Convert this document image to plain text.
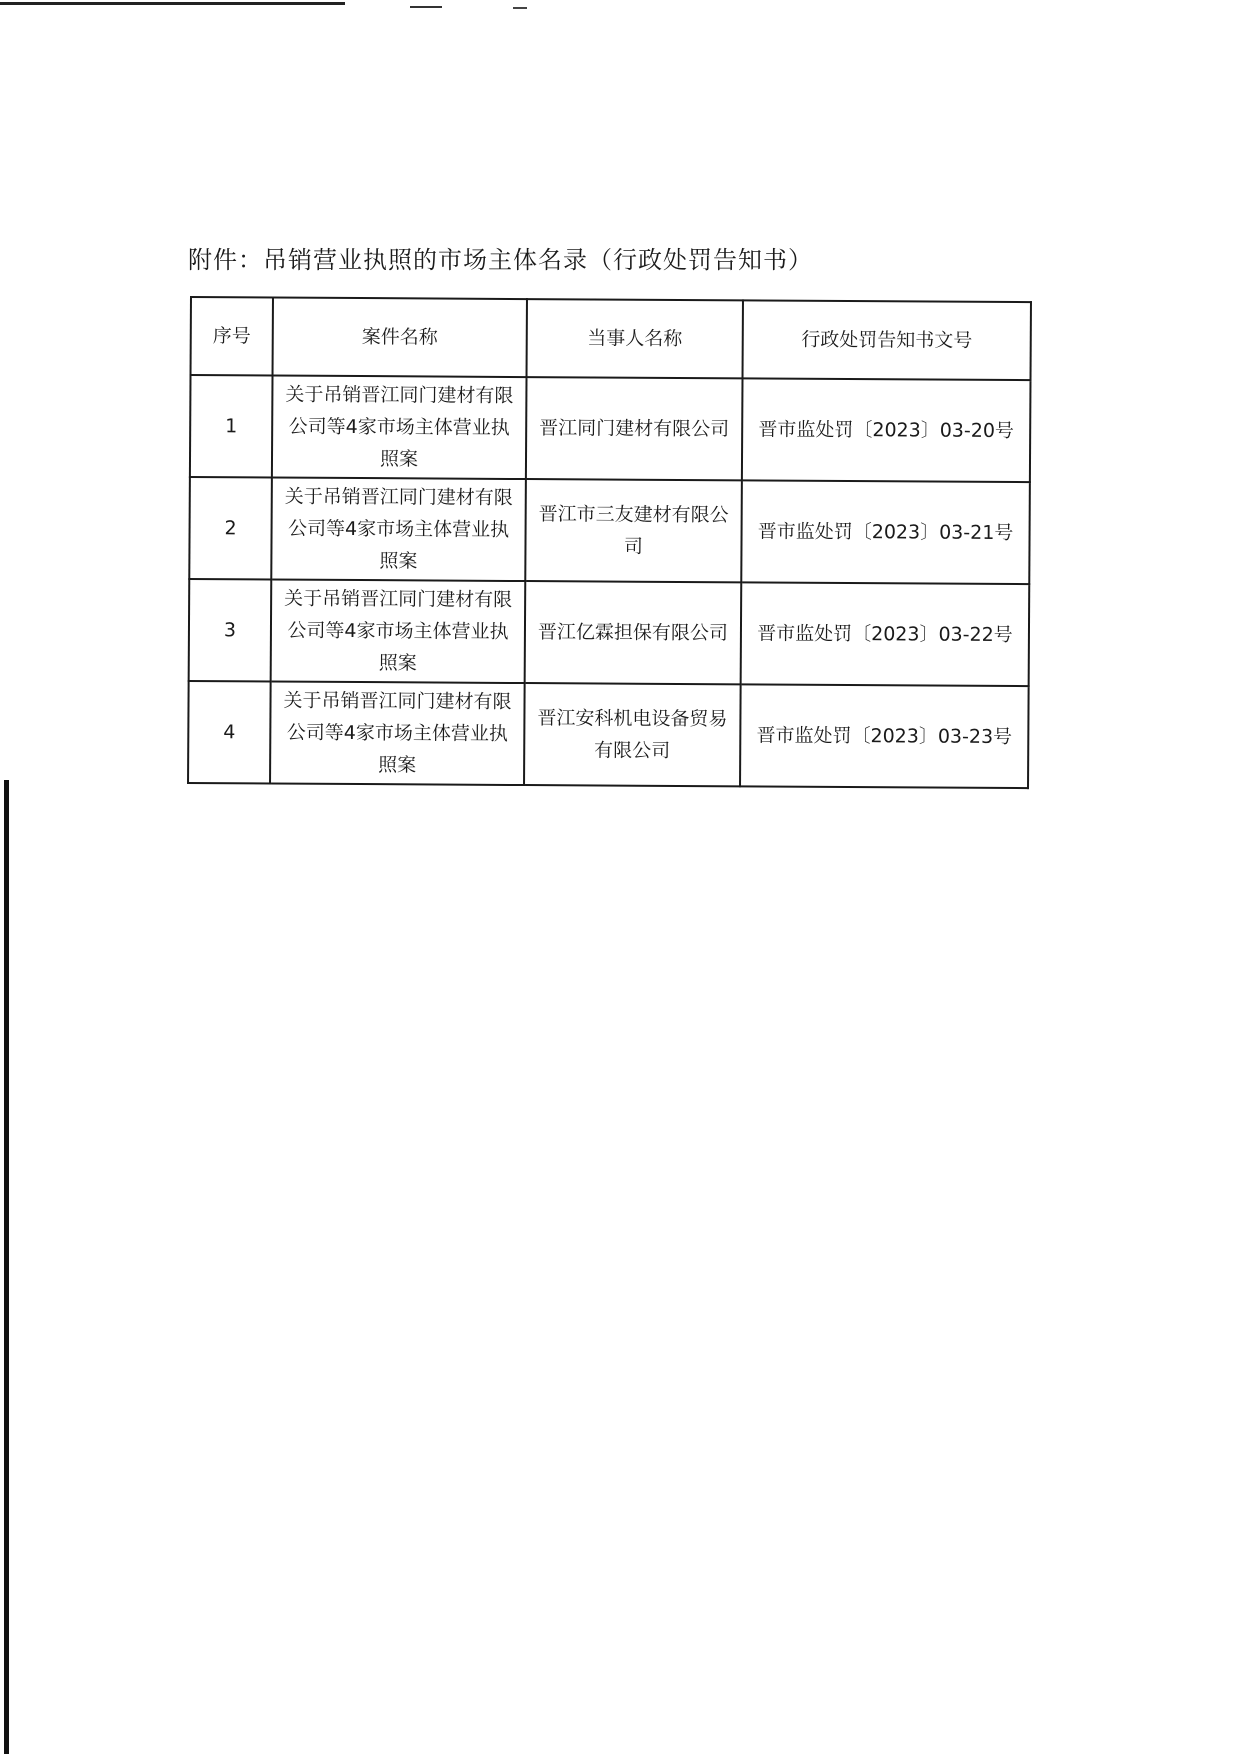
附件：吊销营业执照的市场主体名录（行政处罚告知书）
序号	案件名称	当事人名称	行政处罚告知书文号
1	关于吊销晋江同门建材有限公司等4家市场主体营业执照案	晋江同门建材有限公司	晋市监处罚〔2023〕03-20号
2	关于吊销晋江同门建材有限公司等4家市场主体营业执照案	晋江市三友建材有限公司	晋市监处罚〔2023〕03-21号
3	关于吊销晋江同门建材有限公司等4家市场主体营业执照案	晋江亿霖担保有限公司	晋市监处罚〔2023〕03-22号
4	关于吊销晋江同门建材有限公司等4家市场主体营业执照案	晋江安科机电设备贸易有限公司	晋市监处罚〔2023〕03-23号
